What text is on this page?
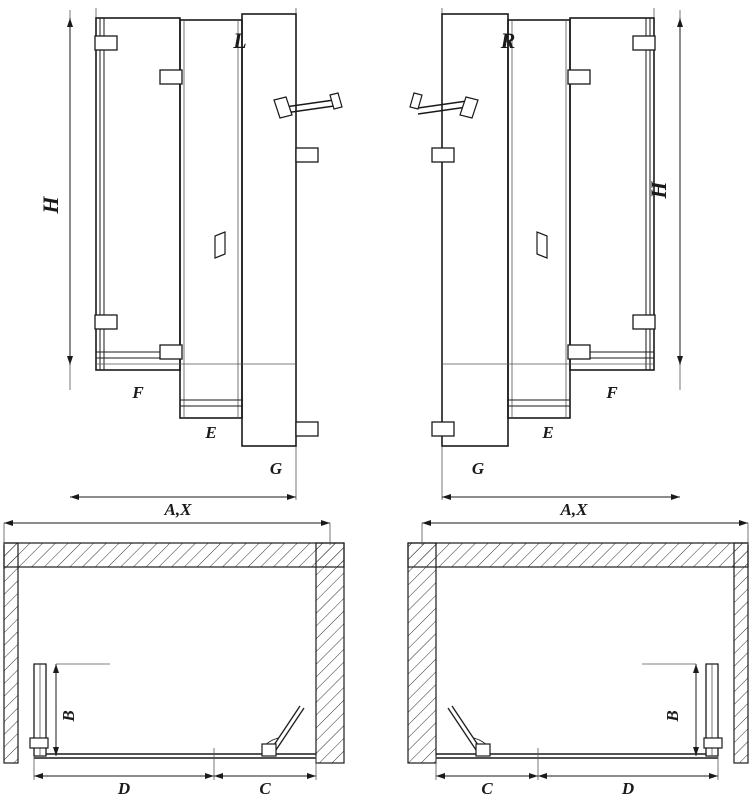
H
F
E
G
L
A,X
H
F
E
G
R
A,X
B
D	C
B
C	D
